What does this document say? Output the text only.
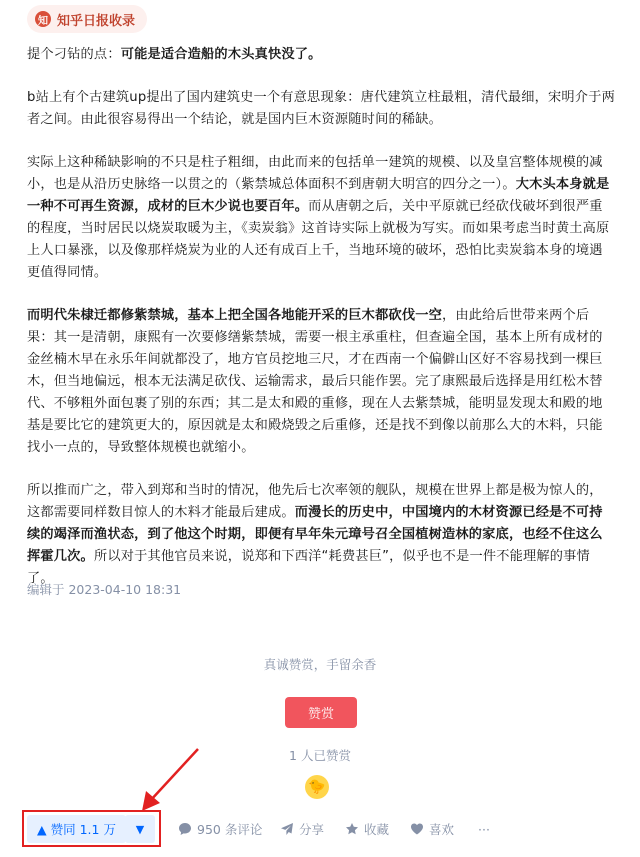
知 知乎日报收录

提个刁钻的点：可能是适合造船的木头真快没了。

b站上有个古建筑up提出了国内建筑史一个有意思现象：唐代建筑立柱最粗，清代最细，宋明介于两者之间。由此很容易得出一个结论，就是国内巨木资源随时间的稀缺。

实际上这种稀缺影响的不只是柱子粗细，由此而来的包括单一建筑的规模、以及皇宫整体规模的减小，也是从沿历史脉络一以贯之的（紫禁城总体面积不到唐朝大明宫的四分之一）。大木头本身就是一种不可再生资源，成材的巨木少说也要百年。而从唐朝之后，关中平原就已经砍伐破坏到很严重的程度，当时居民以烧炭取暖为主，《卖炭翁》这首诗实际上就极为写实。而如果考虑当时黄土高原上人口暴涨，以及像那样烧炭为业的人还有成百上千，当地环境的破坏，恐怕比卖炭翁本身的境遇更值得同情。

而明代朱棣迁都修紫禁城，基本上把全国各地能开采的巨木都砍伐一空，由此给后世带来两个后果：其一是清朝，康熙有一次要修缮紫禁城，需要一根主承重柱，但查遍全国，基本上所有成材的金丝楠木早在永乐年间就都没了，地方官员挖地三尺，才在西南一个偏僻山区好不容易找到一棵巨木，但当地偏远，根本无法满足砍伐、运输需求，最后只能作罢。完了康熙最后选择是用红松木替代、不够粗外面包裹了别的东西；其二是太和殿的重修，现在人去紫禁城，能明显发现太和殿的地基是要比它的建筑更大的，原因就是太和殿烧毁之后重修，还是找不到像以前那么大的木料，只能找小一点的，导致整体规模也就缩小。

所以推而广之，带入到郑和当时的情况，他先后七次率领的舰队，规模在世界上都是极为惊人的，这都需要同样数目惊人的木料才能最后建成。而漫长的历史中，中国境内的木材资源已经是不可持续的竭泽而渔状态，到了他这个时期，即便有早年朱元璋号召全国植树造林的家底，也经不住这么挥霍几次。所以对于其他官员来说，说郑和下西洋“耗费甚巨”，似乎也不是一件不能理解的事情了。

编辑于 2023-04-10 18:31
真诚赞赏，手留余香
赞赏
1 人已赞赏
🐤
▲ 赞同 1.1 万 ▼	950 条评论	分享	收藏	喜欢 ···
